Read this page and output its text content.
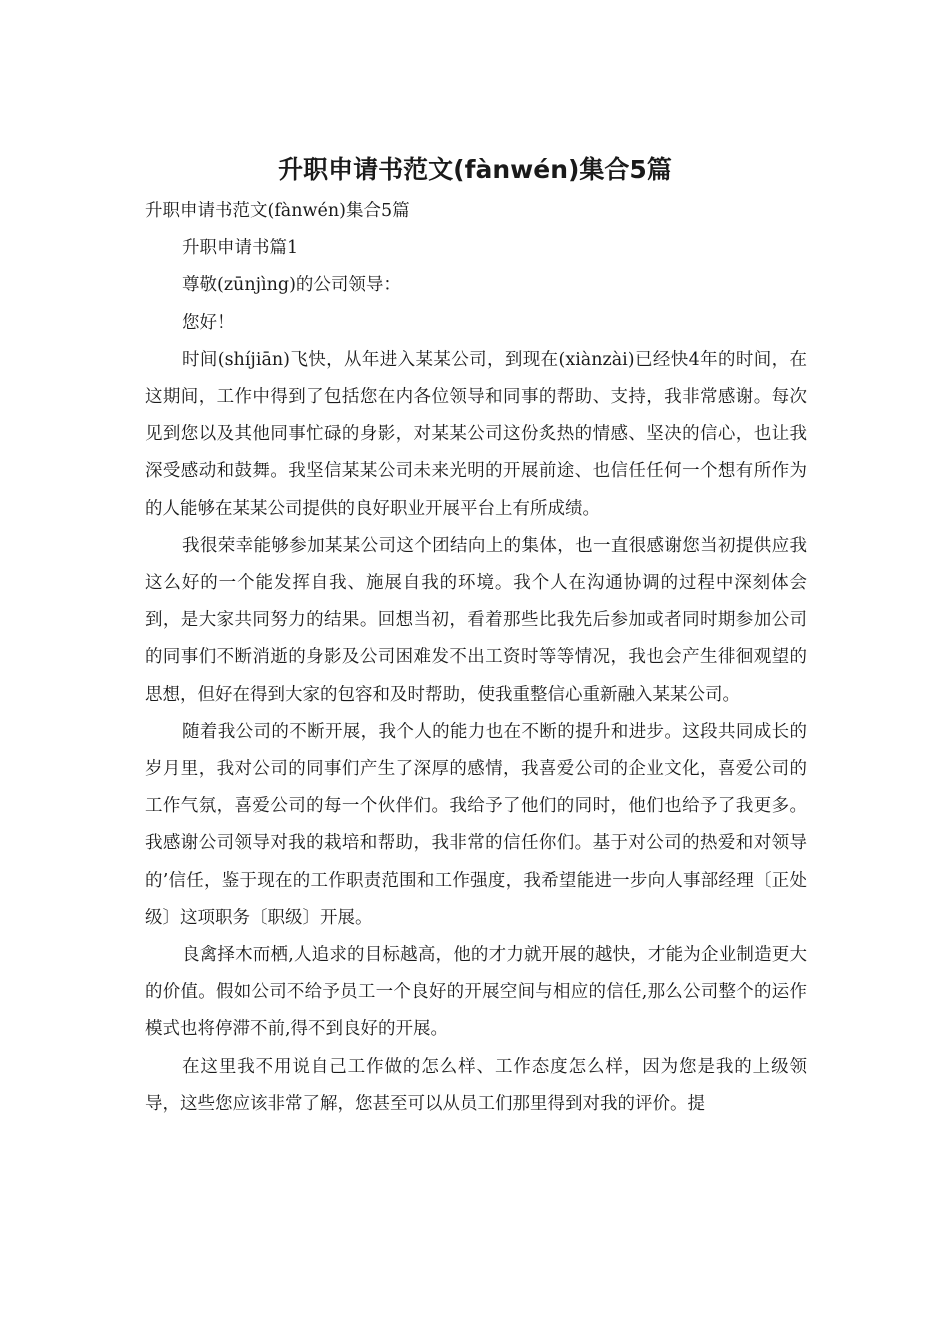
升职申请书范文(fànwén)集合5篇

升职申请书范文(fànwén)集合5篇

升职申请书篇1

尊敬(zūnjìng)的公司领导：

您好！

时间(shíjiān)飞快，从年进入某某公司，到现在(xiànzài)已经快4年的时间，在这期间，工作中得到了包括您在内各位领导和同事的帮助、支持，我非常感谢。每次见到您以及其他同事忙碌的身影，对某某公司这份炙热的情感、坚决的信心，也让我深受感动和鼓舞。我坚信某某公司未来光明的开展前途、也信任任何一个想有所作为的人能够在某某公司提供的良好职业开展平台上有所成绩。

我很荣幸能够参加某某公司这个团结向上的集体，也一直很感谢您当初提供应我这么好的一个能发挥自我、施展自我的环境。我个人在沟通协调的过程中深刻体会到，是大家共同努力的结果。回想当初，看着那些比我先后参加或者同时期参加公司的同事们不断消逝的身影及公司困难发不出工资时等等情况，我也会产生徘徊观望的思想，但好在得到大家的包容和及时帮助，使我重整信心重新融入某某公司。

随着我公司的不断开展，我个人的能力也在不断的提升和进步。这段共同成长的岁月里，我对公司的同事们产生了深厚的感情，我喜爱公司的企业文化，喜爱公司的工作气氛，喜爱公司的每一个伙伴们。我给予了他们的同时，他们也给予了我更多。我感谢公司领导对我的栽培和帮助，我非常的信任你们。基于对公司的热爱和对领导的’信任，鉴于现在的工作职责范围和工作强度，我希望能进一步向人事部经理〔正处级〕这项职务〔职级〕开展。

良禽择木而栖,人追求的目标越高，他的才力就开展的越快，才能为企业制造更大的价值。假如公司不给予员工一个良好的开展空间与相应的信任,那么公司整个的运作模式也将停滞不前,得不到良好的开展。

在这里我不用说自己工作做的怎么样、工作态度怎么样，因为您是我的上级领导，这些您应该非常了解，您甚至可以从员工们那里得到对我的评价。提
